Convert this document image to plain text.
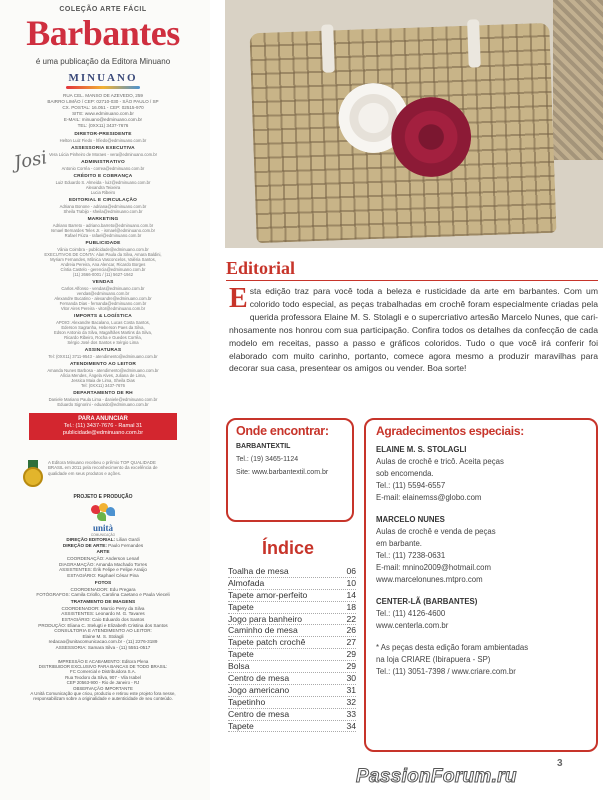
COLEÇÃO ARTE FÁCIL
Barbantes
é uma publicação da Editora Minuano
MINUANO
RUA CEL. MANSO DE AZEVEDO, 259
BAIRRO LIMÃO / CEP: 02710-030 - SÃO PAULO / SP
CX. POSTAL: 16.051 - CEP: 02515-970
SITE: www.edminuano.com.br
E-MAIL: minuano@edminuano.com.br
TEL: (0XX11) 3437-7676
DIRETOR-PRESIDENTE
Helton Luiz Fiedo - hfiedo@edminuano.com.br
ASSESSORIA EXECUTIVA
Vera Lúcia Pinheiro de Moraes - vera@edminuano.com.br
ADMINISTRATIVO
Antonio Corrêa - correa@edminuano.com.br
CRÉDITO E COBRANÇA
Luiz Eduardo S. Almeida - luiz@edminuano.com.br
Alexandra Teixeira
Lucia Ribeiro
EDITORIAL E CIRCULAÇÃO
Adriana Bonone - adriana@edminuano.com.br
Sheila Trabijo - sheila@edminuano.com.br
MARKETING
Adriano Barreto - adriano.barreto@edminuano.com.br
Ismael Bernardes Teles Jr. - ismael@edminuano.com.br
Rafael Fiúza - rafael@edminuano.com.br
PUBLICIDADE
Vânia Coimbra - publicidade@edminuano.com.br
EXECUTIVOS DE CONTA: Alan Paula da Silva, Amara Baldini,
Myriam Fernandes, Mônica Vasconcelos, Valéria Santos,
Andreia Pereira, Ana Alencar, Ricardo Borges
Cíntia Castelo - gerencia@edminuano.com.br
(11) 2666-0001 / (11) 5627-1942
VENDAS
Carlos Alfonso - vendas@edminuano.com.br
vendas@edminuano.com.br
Alexandre Bucatino - alexandre@edminuano.com.br
Fernanda Dias - fernanda@edminuano.com.br
Vitor Aires Pereira - vitor@edminuano.com.br
IMPORTS & LOGÍSTICA
APOIO: Alexandre Bacalano, Lucas Costa Santos,
Ederson Sagranha, Heberson Paes da Silva,
Edson Antonio da Silva, Magalhães Martins da Silva,
Ricardo Ribeiro, Rocha e Guedes Corrêa,
Sérgio José dos Santos e Sérgio Lima
ASSINATURAS
Tel: (0XX11) 3711-9543 - atendimento@edminuano.com.br
ATENDIMENTO AO LEITOR
Amanda Nunes Barbosa - atendimento@edminuano.com.br
Alícia Mendes, Ângela Alves, Juliana de Lima,
Jessica Maia de Lima, Sheila Dias
Tel: (0XX11) 3437-7676
DEPARTAMENTO DE RH
Daniele Mariano Paula Lima - daniele@edminuano.com.br
Eduardo Signorini - eduardo@edminuano.com.br
PARA ANUNCIAR
Tel.: (11) 3437-7676 - Ramal 31
publicidade@edminuano.com.br
A Editora Minuano recebeu o prêmio TOP QUALIDADE BRASIL em 2011 pela reconhecimento da excelência de qualidade em seus produtos e ações.
PROJETO E PRODUÇÃO
unità
COMUNICAÇÃO
DIREÇÃO EDITORIAL: Lilian Gardi
DIREÇÃO DE ARTE: Paulo Fernandes
ARTE
COORDENAÇÃO: Anderson Lenarl
DIAGRAMAÇÃO: Amanda Machado Torres
ASSISTENTES: Érik Felipe e Felipe Araújo
ESTAGIÁRIO: Raphael César Pina
FOTOS
COORDENADOR: Edu Pregara
FOTÓGRAFOS: Camila Criollo, Carolina Caetano e Paula Vieceli
TRATAMENTO DE IMAGENS
COORDENADOR: Marcio Perry da Silva
ASSISTENTES: Leonardo M. G. Tavares
ESTAGIÁRIO: Caio Eduardo dos Santos
PRODUÇÃO: Eliana C. Stelugti e Elizabeth Cristina dos Santos
CONSULTORIA E ATENDIMENTO AO LEITOR:
Elaine M. S. Stolagli
redacao@unitacomunicacao.com.br - (11) 2276-3189
ASSESSORIA: Samara Silva - (11) 5551-0517
IMPRESSÃO E ACABAMENTO: Editora Plena
DISTRIBUIDOR EXCLUSIVO PARA BANCAS DE TODO BRASIL:
FC Comercial e Distribuidora S.A.
Rua Teodoro da Silva, 907 - Vila Isabel
CEP 20563-900 - Rio de Janeiro - RJ
OBSERVAÇÃO IMPORTANTE
A Unità Comunicação que criou, produziu e retirou este projeto fora nesse,
responsabilizam sobre a originalidade e autenticidade de seu conteúdo.
Josi
Editorial
E sta edição traz para você toda a beleza e rusticidade da arte em barbantes. Com um colorido todo especial, as peças trabalhadas em crochê foram especialmente criadas pela querida professora Elaine M. S. Stolagli e o supercriativo artesão Marcelo Nunes, que cari-nhosamente nos honrou com sua participação. Confira todos os detalhes da confecção de cada modelo em receitas, passo a passo e gráficos coloridos. Tudo o que você irá conferir foi elaborado com muito carinho, portanto, comece agora mesmo a produzir maravilhas para decorar sua casa, presentear os amigos ou vender. Boa sorte!
Onde encontrar:
BARBANTEXTIL
Tel.: (19) 3465-1124
Site: www.barbantextil.com.br
Índice
Toalha de mesa	06
Almofada	10
Tapete amor-perfeito	14
Tapete	18
Jogo para banheiro	22
Caminho de mesa	26
Tapete patch crochê	27
Tapete	29
Bolsa	29
Centro de mesa	30
Jogo americano	31
Tapetinho	32
Centro de mesa	33
Tapete	34
Agradecimentos especiais:
ELAINE M. S. STOLAGLI
Aulas de crochê e tricô. Aceita peças
sob encomenda.
Tel.: (11) 5594-6557
E-mail: elainemss@globo.com
MARCELO NUNES
Aulas de crochê e venda de peças
em barbante.
Tel.: (11) 7238-0631
E-mail: mnino2009@hotmail.com
www.marcelonunes.mtpro.com
CENTER-LÃ (BARBANTES)
Tel.: (11) 4126-4600
www.centerla.com.br
* As peças desta edição foram ambientadas
na loja CRIARE (Ibirapuera - SP)
Tel.: (11) 3051-7398 / www.criare.com.br
3
PassionForum.ru
